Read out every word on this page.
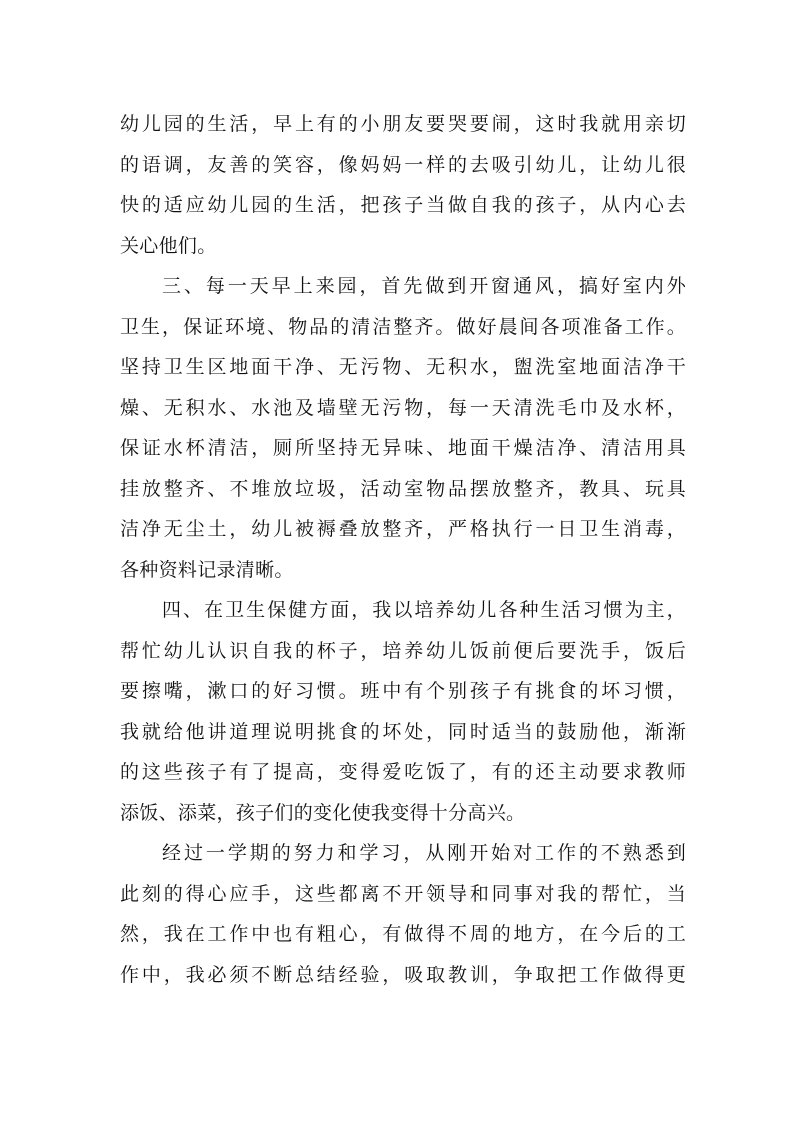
幼儿园的生活，早上有的小朋友要哭要闹，这时我就用亲切
的语调，友善的笑容，像妈妈一样的去吸引幼儿，让幼儿很
快的适应幼儿园的生活，把孩子当做自我的孩子，从内心去
关心他们。
三、每一天早上来园，首先做到开窗通风，搞好室内外
卫生，保证环境、物品的清洁整齐。做好晨间各项准备工作。
坚持卫生区地面干净、无污物、无积水，盥洗室地面洁净干
燥、无积水、水池及墙壁无污物，每一天清洗毛巾及水杯，
保证水杯清洁，厕所坚持无异味、地面干燥洁净、清洁用具
挂放整齐、不堆放垃圾，活动室物品摆放整齐，教具、玩具
洁净无尘土，幼儿被褥叠放整齐，严格执行一日卫生消毒，
各种资料记录清晰。
四、在卫生保健方面，我以培养幼儿各种生活习惯为主，
帮忙幼儿认识自我的杯子，培养幼儿饭前便后要洗手，饭后
要擦嘴，漱口的好习惯。班中有个别孩子有挑食的坏习惯，
我就给他讲道理说明挑食的坏处，同时适当的鼓励他，渐渐
的这些孩子有了提高，变得爱吃饭了，有的还主动要求教师
添饭、添菜，孩子们的变化使我变得十分高兴。
经过一学期的努力和学习，从刚开始对工作的不熟悉到
此刻的得心应手，这些都离不开领导和同事对我的帮忙，当
然，我在工作中也有粗心，有做得不周的地方，在今后的工
作中，我必须不断总结经验，吸取教训，争取把工作做得更
